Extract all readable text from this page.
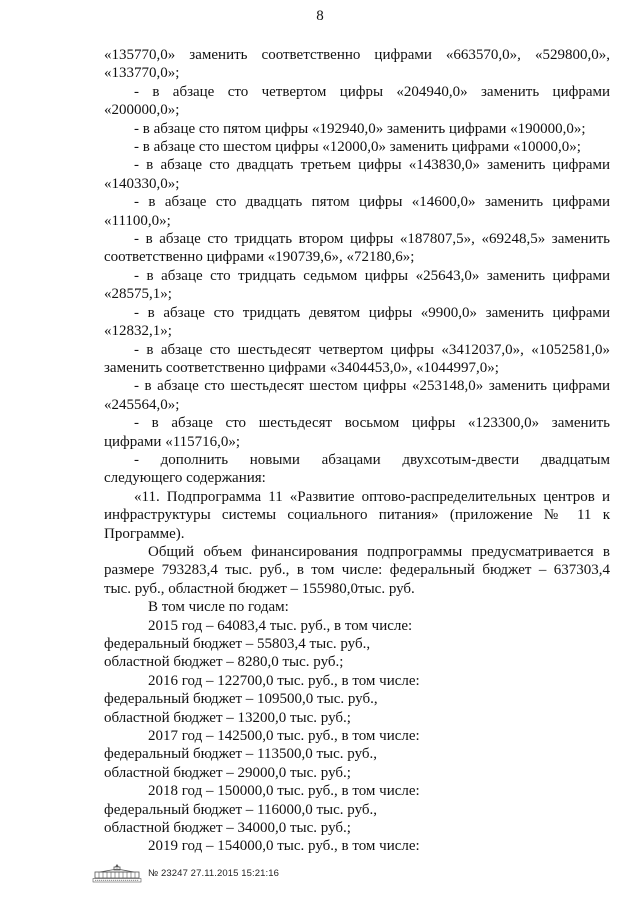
8

«135770,0» заменить соответственно цифрами «663570,0», «529800,0»,

«133770,0»;

- в абзаце сто четвертом цифры «204940,0» заменить цифрами

«200000,0»;

- в абзаце сто пятом цифры «192940,0» заменить цифрами «190000,0»;

- в абзаце сто шестом цифры «12000,0» заменить цифрами «10000,0»;

- в абзаце сто двадцать третьем цифры «143830,0» заменить цифрами

«140330,0»;

- в абзаце сто двадцать пятом цифры «14600,0» заменить цифрами

«11100,0»;

- в абзаце сто тридцать втором цифры «187807,5», «69248,5» заменить

соответственно цифрами «190739,6», «72180,6»;

- в абзаце сто тридцать седьмом цифры «25643,0» заменить цифрами

«28575,1»;

- в абзаце сто тридцать девятом цифры «9900,0» заменить цифрами

«12832,1»;

- в абзаце сто шестьдесят четвертом цифры «3412037,0», «1052581,0»

заменить соответственно цифрами «3404453,0», «1044997,0»;

- в абзаце сто шестьдесят шестом цифры «253148,0» заменить цифрами

«245564,0»;

- в абзаце сто шестьдесят восьмом цифры «123300,0» заменить

цифрами «115716,0»;

- дополнить новыми абзацами двухсотым-двести двадцатым

следующего содержания:

«11. Подпрограмма 11 «Развитие оптово-распределительных центров и

инфраструктуры системы социального питания» (приложение № 11 к

Программе).

Общий объем финансирования подпрограммы предусматривается в

размере 793283,4 тыс. руб., в том числе: федеральный бюджет – 637303,4

тыс. руб., областной бюджет – 155980,0тыс. руб.

В том числе по годам:

2015 год – 64083,4 тыс. руб., в том числе:

федеральный бюджет – 55803,4 тыс. руб.,

областной бюджет – 8280,0 тыс. руб.;

2016 год – 122700,0 тыс. руб., в том числе:

федеральный бюджет – 109500,0 тыс. руб.,

областной бюджет – 13200,0 тыс. руб.;

2017 год – 142500,0 тыс. руб., в том числе:

федеральный бюджет – 113500,0 тыс. руб.,

областной бюджет – 29000,0 тыс. руб.;

2018 год – 150000,0 тыс. руб., в том числе:

федеральный бюджет – 116000,0 тыс. руб.,

областной бюджет – 34000,0 тыс. руб.;

2019 год – 154000,0 тыс. руб., в том числе:

№ 23247 27.11.2015 15:21:16
